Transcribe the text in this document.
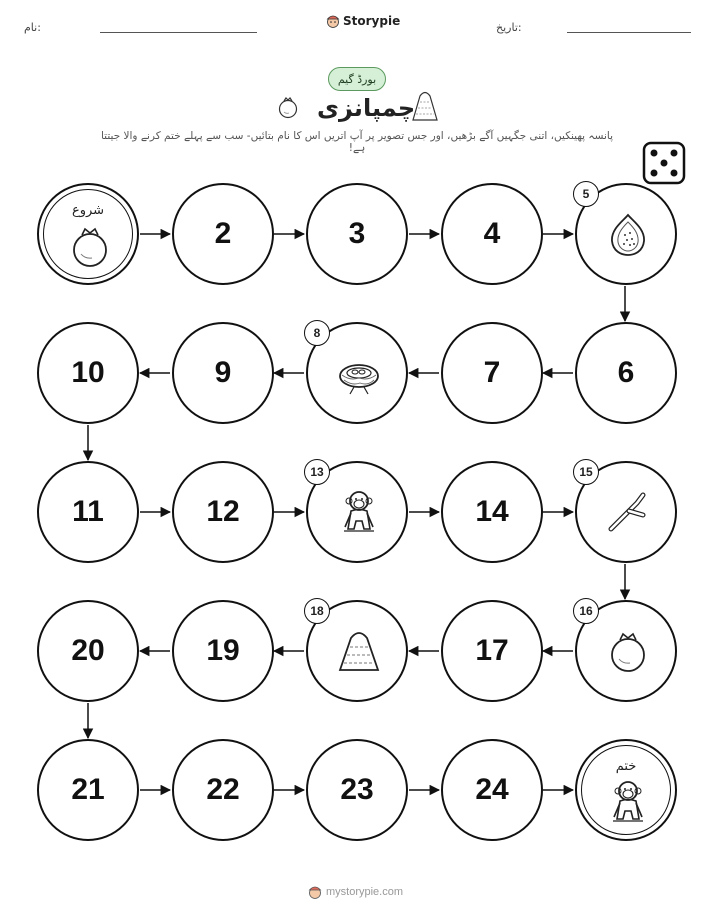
نام:	Storypie	تاریخ:
بورڈ گیم
چمپانزی
پانسہ پھینکیں، اتنی جگہیں آگے بڑھیں، اور جس تصویر پر آپ اتریں اس کا نام بتائیں- سب سے پہلے ختم کرنے والا جیتتا ہے!
شروع
2	3	4
5
6
7
8
9
10
11	12
13
14
15
16
17
18
19
20
21	22	23	24
ختم
mystorypie.com
